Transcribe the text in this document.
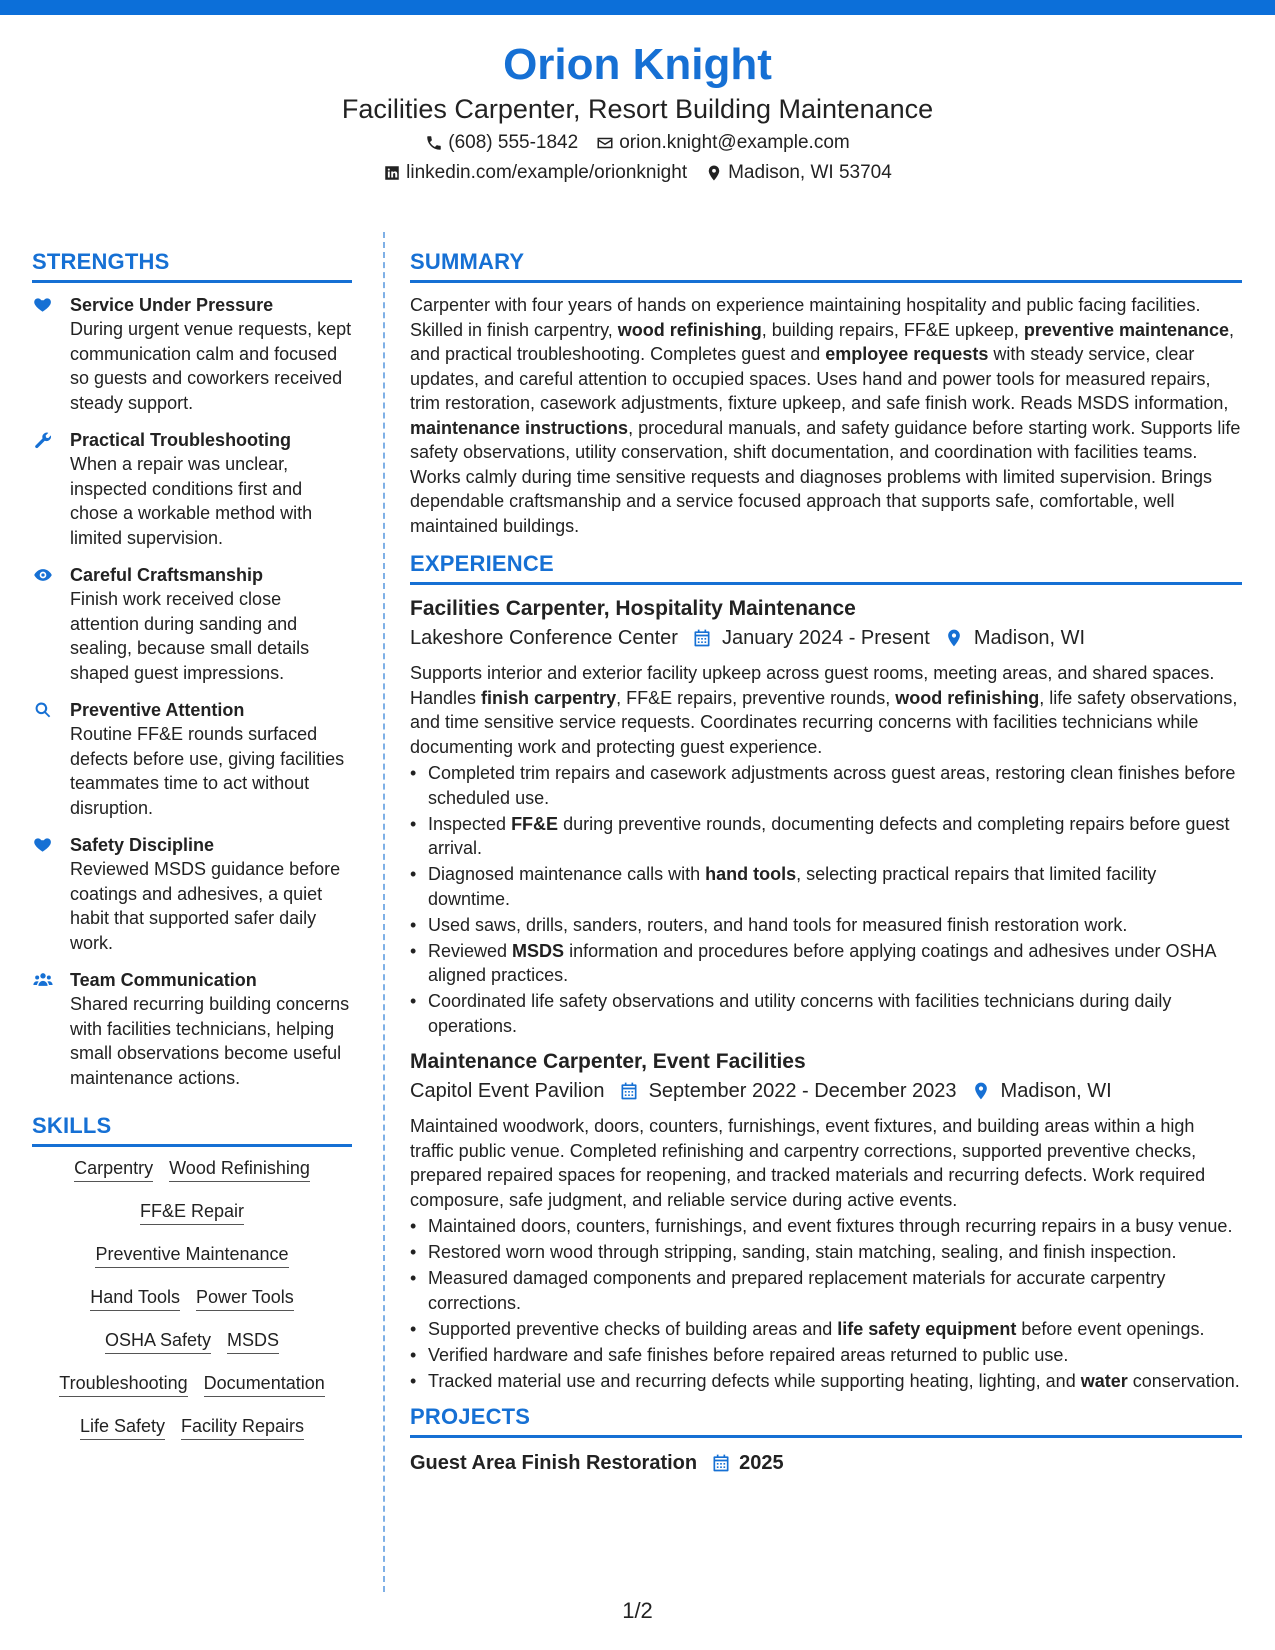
Orion Knight
Facilities Carpenter, Resort Building Maintenance
(608) 555-1842 orion.knight@example.com
linkedin.com/example/orionknight Madison, WI 53704
STRENGTHS
Service Under Pressure
During urgent venue requests, kept communication calm and focused so guests and coworkers received steady support.
Practical Troubleshooting
When a repair was unclear, inspected conditions first and chose a workable method with limited supervision.
Careful Craftsmanship
Finish work received close attention during sanding and sealing, because small details shaped guest impressions.
Preventive Attention
Routine FF&E rounds surfaced defects before use, giving facilities teammates time to act without disruption.
Safety Discipline
Reviewed MSDS guidance before coatings and adhesives, a quiet habit that supported safer daily work.
Team Communication
Shared recurring building concerns with facilities technicians, helping small observations become useful maintenance actions.
SKILLS
Carpentry Wood Refinishing
FF&E Repair
Preventive Maintenance
Hand Tools Power Tools
OSHA Safety MSDS
Troubleshooting Documentation
Life Safety Facility Repairs
SUMMARY
Carpenter with four years of hands on experience maintaining hospitality and public facing facilities. Skilled in finish carpentry, wood refinishing, building repairs, FF&E upkeep, preventive maintenance, and practical troubleshooting. Completes guest and employee requests with steady service, clear updates, and careful attention to occupied spaces. Uses hand and power tools for measured repairs, trim restoration, casework adjustments, fixture upkeep, and safe finish work. Reads MSDS information, maintenance instructions, procedural manuals, and safety guidance before starting work. Supports life safety observations, utility conservation, shift documentation, and coordination with facilities teams. Works calmly during time sensitive requests and diagnoses problems with limited supervision. Brings dependable craftsmanship and a service focused approach that supports safe, comfortable, well maintained buildings.
EXPERIENCE
Facilities Carpenter, Hospitality Maintenance
Lakeshore Conference Center January 2024 - Present Madison, WI
Supports interior and exterior facility upkeep across guest rooms, meeting areas, and shared spaces. Handles finish carpentry, FF&E repairs, preventive rounds, wood refinishing, life safety observations, and time sensitive service requests. Coordinates recurring concerns with facilities technicians while documenting work and protecting guest experience.
• Completed trim repairs and casework adjustments across guest areas, restoring clean finishes before scheduled use.
• Inspected FF&E during preventive rounds, documenting defects and completing repairs before guest arrival.
• Diagnosed maintenance calls with hand tools, selecting practical repairs that limited facility downtime.
• Used saws, drills, sanders, routers, and hand tools for measured finish restoration work.
• Reviewed MSDS information and procedures before applying coatings and adhesives under OSHA aligned practices.
• Coordinated life safety observations and utility concerns with facilities technicians during daily operations.
Maintenance Carpenter, Event Facilities
Capitol Event Pavilion September 2022 - December 2023 Madison, WI
Maintained woodwork, doors, counters, furnishings, event fixtures, and building areas within a high traffic public venue. Completed refinishing and carpentry corrections, supported preventive checks, prepared repaired spaces for reopening, and tracked materials and recurring defects. Work required composure, safe judgment, and reliable service during active events.
• Maintained doors, counters, furnishings, and event fixtures through recurring repairs in a busy venue.
• Restored worn wood through stripping, sanding, stain matching, sealing, and finish inspection.
• Measured damaged components and prepared replacement materials for accurate carpentry corrections.
• Supported preventive checks of building areas and life safety equipment before event openings.
• Verified hardware and safe finishes before repaired areas returned to public use.
• Tracked material use and recurring defects while supporting heating, lighting, and water conservation.
PROJECTS
Guest Area Finish Restoration 2025
1/2
